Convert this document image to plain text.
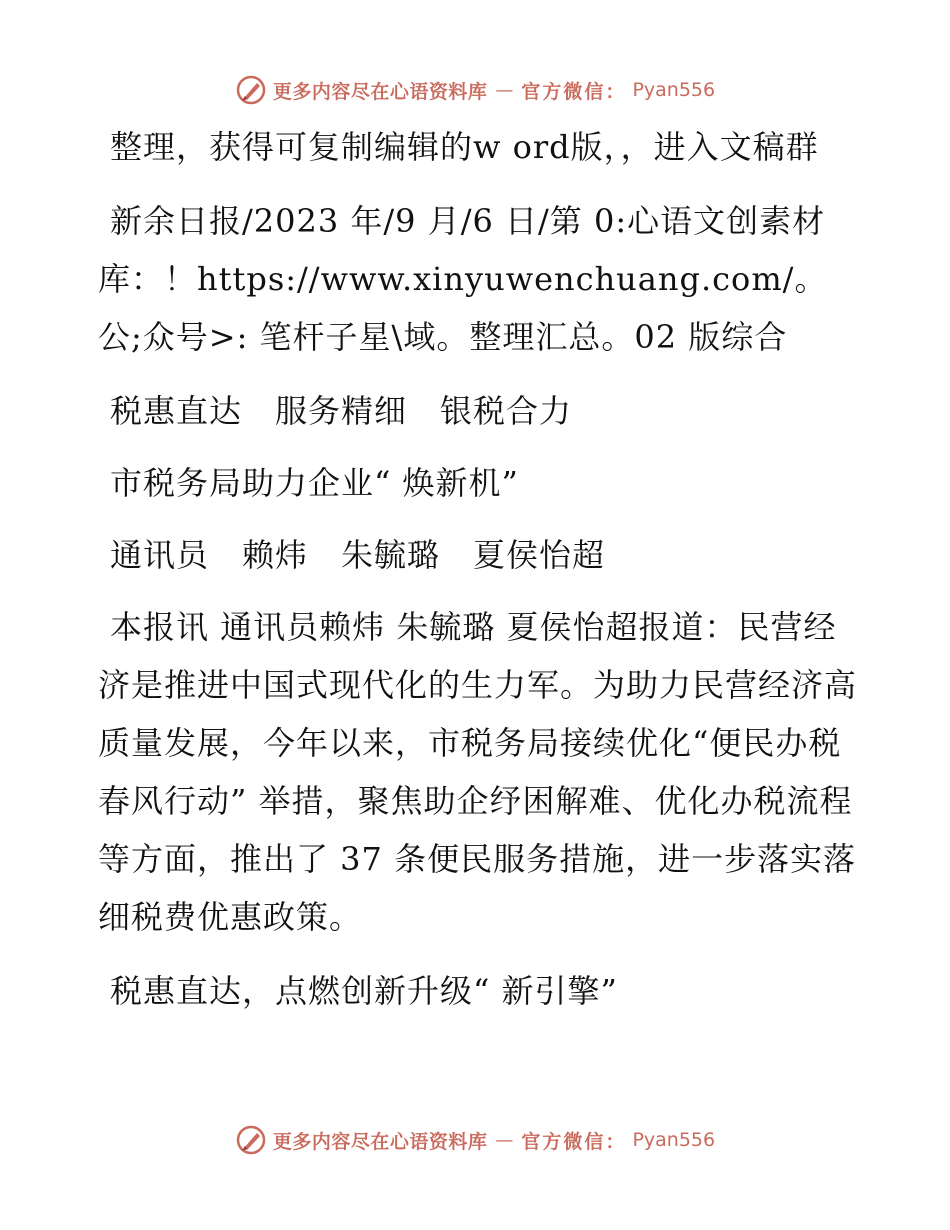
更多内容尽在心语资料库 — 官方微信： Pyan556

整理，获得可复制编辑的w ord版，，进入文稿群

新余日报/2023 年/9 月/6 日/第 0:心语文创素材库：！https://www.xinyuwenchuang.com/。公;众号>: 笔杆子星\域。整理汇总。02 版综合

税惠直达　服务精细　银税合力

市税务局助力企业“ 焕新机”

通讯员　赖炜　朱毓璐　夏侯怡超

本报讯 通讯员赖炜 朱毓璐 夏侯怡超报道：民营经济是推进中国式现代化的生力军。为助力民营经济高质量发展，今年以来，市税务局接续优化“便民办税春风行动” 举措，聚焦助企纾困解难、优化办税流程等方面，推出了 37 条便民服务措施，进一步落实落细税费优惠政策。

税惠直达，点燃创新升级“ 新引擎”

更多内容尽在心语资料库 — 官方微信： Pyan556
